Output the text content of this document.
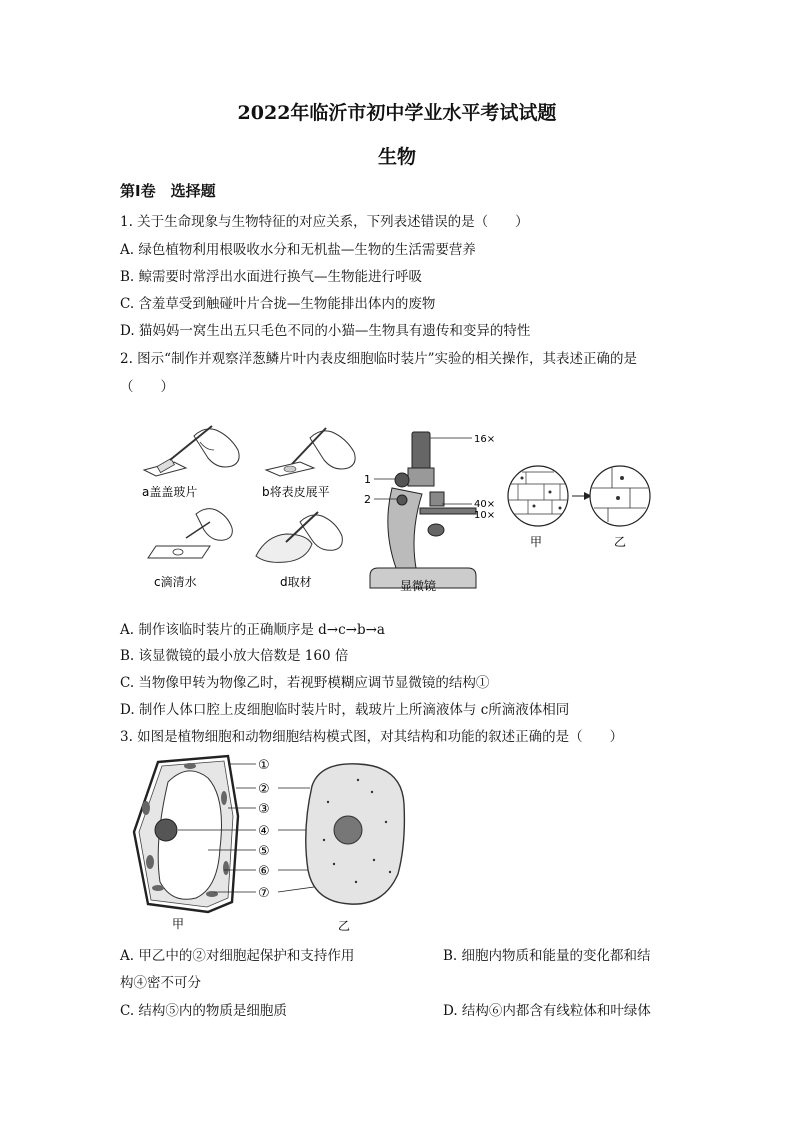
2022年临沂市初中学业水平考试试题
生物
第Ⅰ卷　选择题
1. 关于生命现象与生物特征的对应关系，下列表述错误的是（　　）
A. 绿色植物利用根吸收水分和无机盐—生物的生活需要营养
B. 鲸需要时常浮出水面进行换气—生物能进行呼吸
C. 含羞草受到触碰叶片合拢—生物能排出体内的废物
D. 猫妈妈一窝生出五只毛色不同的小猫—生物具有遗传和变异的特性
2. 图示“制作并观察洋葱鳞片叶内表皮细胞临时装片”实验的相关操作，其表述正确的是
（　　）
a盖盖玻片	b将表皮展平
c滴清水	d取材
16×
40×
10×
1
2
显微镜
甲	乙
A. 制作该临时装片的正确顺序是 d→c→b→a
B. 该显微镜的最小放大倍数是 160 倍
C. 当物像甲转为物像乙时，若视野模糊应调节显微镜的结构①
D. 制作人体口腔上皮细胞临时装片时，载玻片上所滴液体与 c所滴液体相同
3. 如图是植物细胞和动物细胞结构模式图，对其结构和功能的叙述正确的是（　　）
①
②
③
④
⑤
⑥
⑦
甲	乙
A. 甲乙中的②对细胞起保护和支持作用	B. 细胞内物质和能量的变化都和结
构④密不可分
C. 结构⑤内的物质是细胞质	D. 结构⑥内都含有线粒体和叶绿体
